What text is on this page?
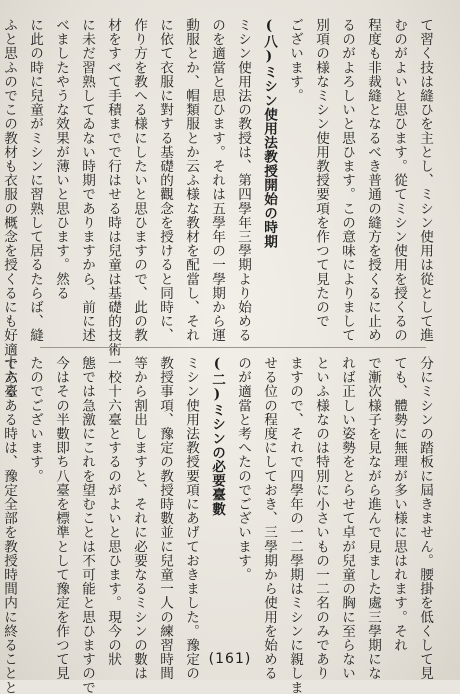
て習く技は縫ひを主とし、ミシン使用は從として進

むのがよいと思ひます。從てミシン使用を授くるの

程度も非裁縫となるべき普通の縫方を授くるに止め

るのがよろしいと思ひます。この意味によりまして

別項の様なミシン使用教授要項を作つて見たので

ございます。

(八)ミシン使用法教授開始の時期

ミシン使用法の教授は、第四學年三學期より始める

のを適當と思ひます。それは五學年の一學期から運

動服とか、帽類服とか云ふ様な教材を配當し、それ

に依て衣服に對する基礎的觀念を授けると同時に、

作り方を教へる様にしたいと思ひますので、此の教

材をすべて手積までで行はせる時は兒童は基礎的技術

に未だ習熟してゐない時期でありますから、前に述

べましたやうな效果が薄いと思ひます。然る

に此の時に兒童がミシンに習熟して居るたらば、縫

ふと思ふのでこの教材も衣服の概念を授くるにも好適である

分にミシンの踏板に屆きません。腰掛を低くして見

ても、體勢に無理が多い様に思はれます。それ

で漸次様子を見ながら進んで見ました處三學期にな

れば正しい姿勢をとらせて卓が兒童の胸に至らない

といふ様なのは特別に小さいもの一二名のみであり

ますので、それで四學年の一二學期はミシンに親しま

せる位の程度にしておき、三學期から使用を始める

のが適當と考へたのでございます。

(二)ミシンの必要臺數

ミシン使用法教授要項にあげておきました。豫定の

教授事項、豫定の教授時數並に兒童一人の練習時間

等から割出しますと、それに必要なるミシンの數は

一校十六臺とするのがよいと思ひます。現今の狀

態では急激にこれを望むことは不可能と思ひますので

今はその半數即ち八臺を標準として豫定を作つて見

たのでございます。

十六臺ある時は、豫定全部を教授時間内に終ることと	(161)
